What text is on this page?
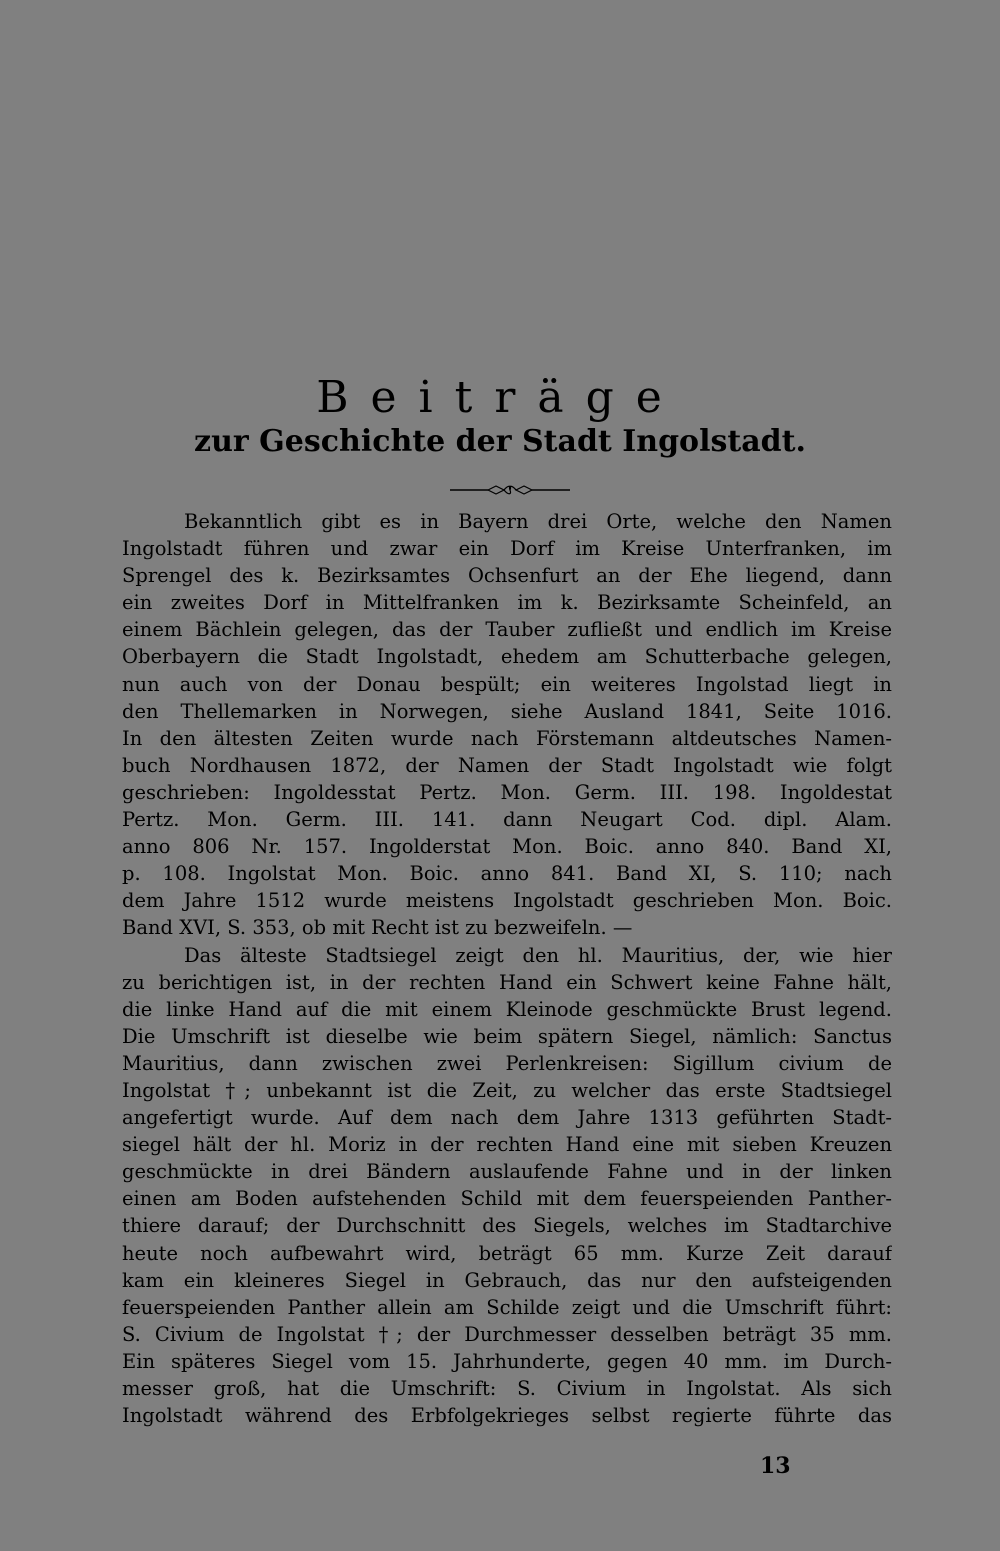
Beiträge
zur Geschichte der Stadt Ingolstadt.
Bekanntlich gibt es in Bayern drei Orte, welche den Namen
Ingolstadt führen und zwar ein Dorf im Kreise Unterfranken, im
Sprengel des k. Bezirksamtes Ochsenfurt an der Ehe liegend, dann
ein zweites Dorf in Mittelfranken im k. Bezirksamte Scheinfeld, an
einem Bächlein gelegen, das der Tauber zufließt und endlich im Kreise
Oberbayern die Stadt Ingolstadt, ehedem am Schutterbache gelegen,
nun auch von der Donau bespült; ein weiteres Ingolstad liegt in
den Thellemarken in Norwegen, siehe Ausland 1841, Seite 1016.
In den ältesten Zeiten wurde nach Förstemann altdeutsches Namen-
buch Nordhausen 1872, der Namen der Stadt Ingolstadt wie folgt
geschrieben: Ingoldesstat Pertz. Mon. Germ. III. 198. Ingoldestat
Pertz. Mon. Germ. III. 141. dann Neugart Cod. dipl. Alam.
anno 806 Nr. 157. Ingolderstat Mon. Boic. anno 840. Band XI,
p. 108. Ingolstat Mon. Boic. anno 841. Band XI, S. 110; nach
dem Jahre 1512 wurde meistens Ingolstadt geschrieben Mon. Boic.
Band XVI, S. 353, ob mit Recht ist zu bezweifeln. —
Das älteste Stadtsiegel zeigt den hl. Mauritius, der, wie hier
zu berichtigen ist, in der rechten Hand ein Schwert keine Fahne hält,
die linke Hand auf die mit einem Kleinode geschmückte Brust legend.
Die Umschrift ist dieselbe wie beim spätern Siegel, nämlich: Sanctus
Mauritius, dann zwischen zwei Perlenkreisen: Sigillum civium de
Ingolstat †; unbekannt ist die Zeit, zu welcher das erste Stadtsiegel
angefertigt wurde. Auf dem nach dem Jahre 1313 geführten Stadt-
siegel hält der hl. Moriz in der rechten Hand eine mit sieben Kreuzen
geschmückte in drei Bändern auslaufende Fahne und in der linken
einen am Boden aufstehenden Schild mit dem feuerspeienden Panther-
thiere darauf; der Durchschnitt des Siegels, welches im Stadtarchive
heute noch aufbewahrt wird, beträgt 65 mm. Kurze Zeit darauf
kam ein kleineres Siegel in Gebrauch, das nur den aufsteigenden
feuerspeienden Panther allein am Schilde zeigt und die Umschrift führt:
S. Civium de Ingolstat †; der Durchmesser desselben beträgt 35 mm.
Ein späteres Siegel vom 15. Jahrhunderte, gegen 40 mm. im Durch-
messer groß, hat die Umschrift: S. Civium in Ingolstat. Als sich
Ingolstadt während des Erbfolgekrieges selbst regierte führte das
13
